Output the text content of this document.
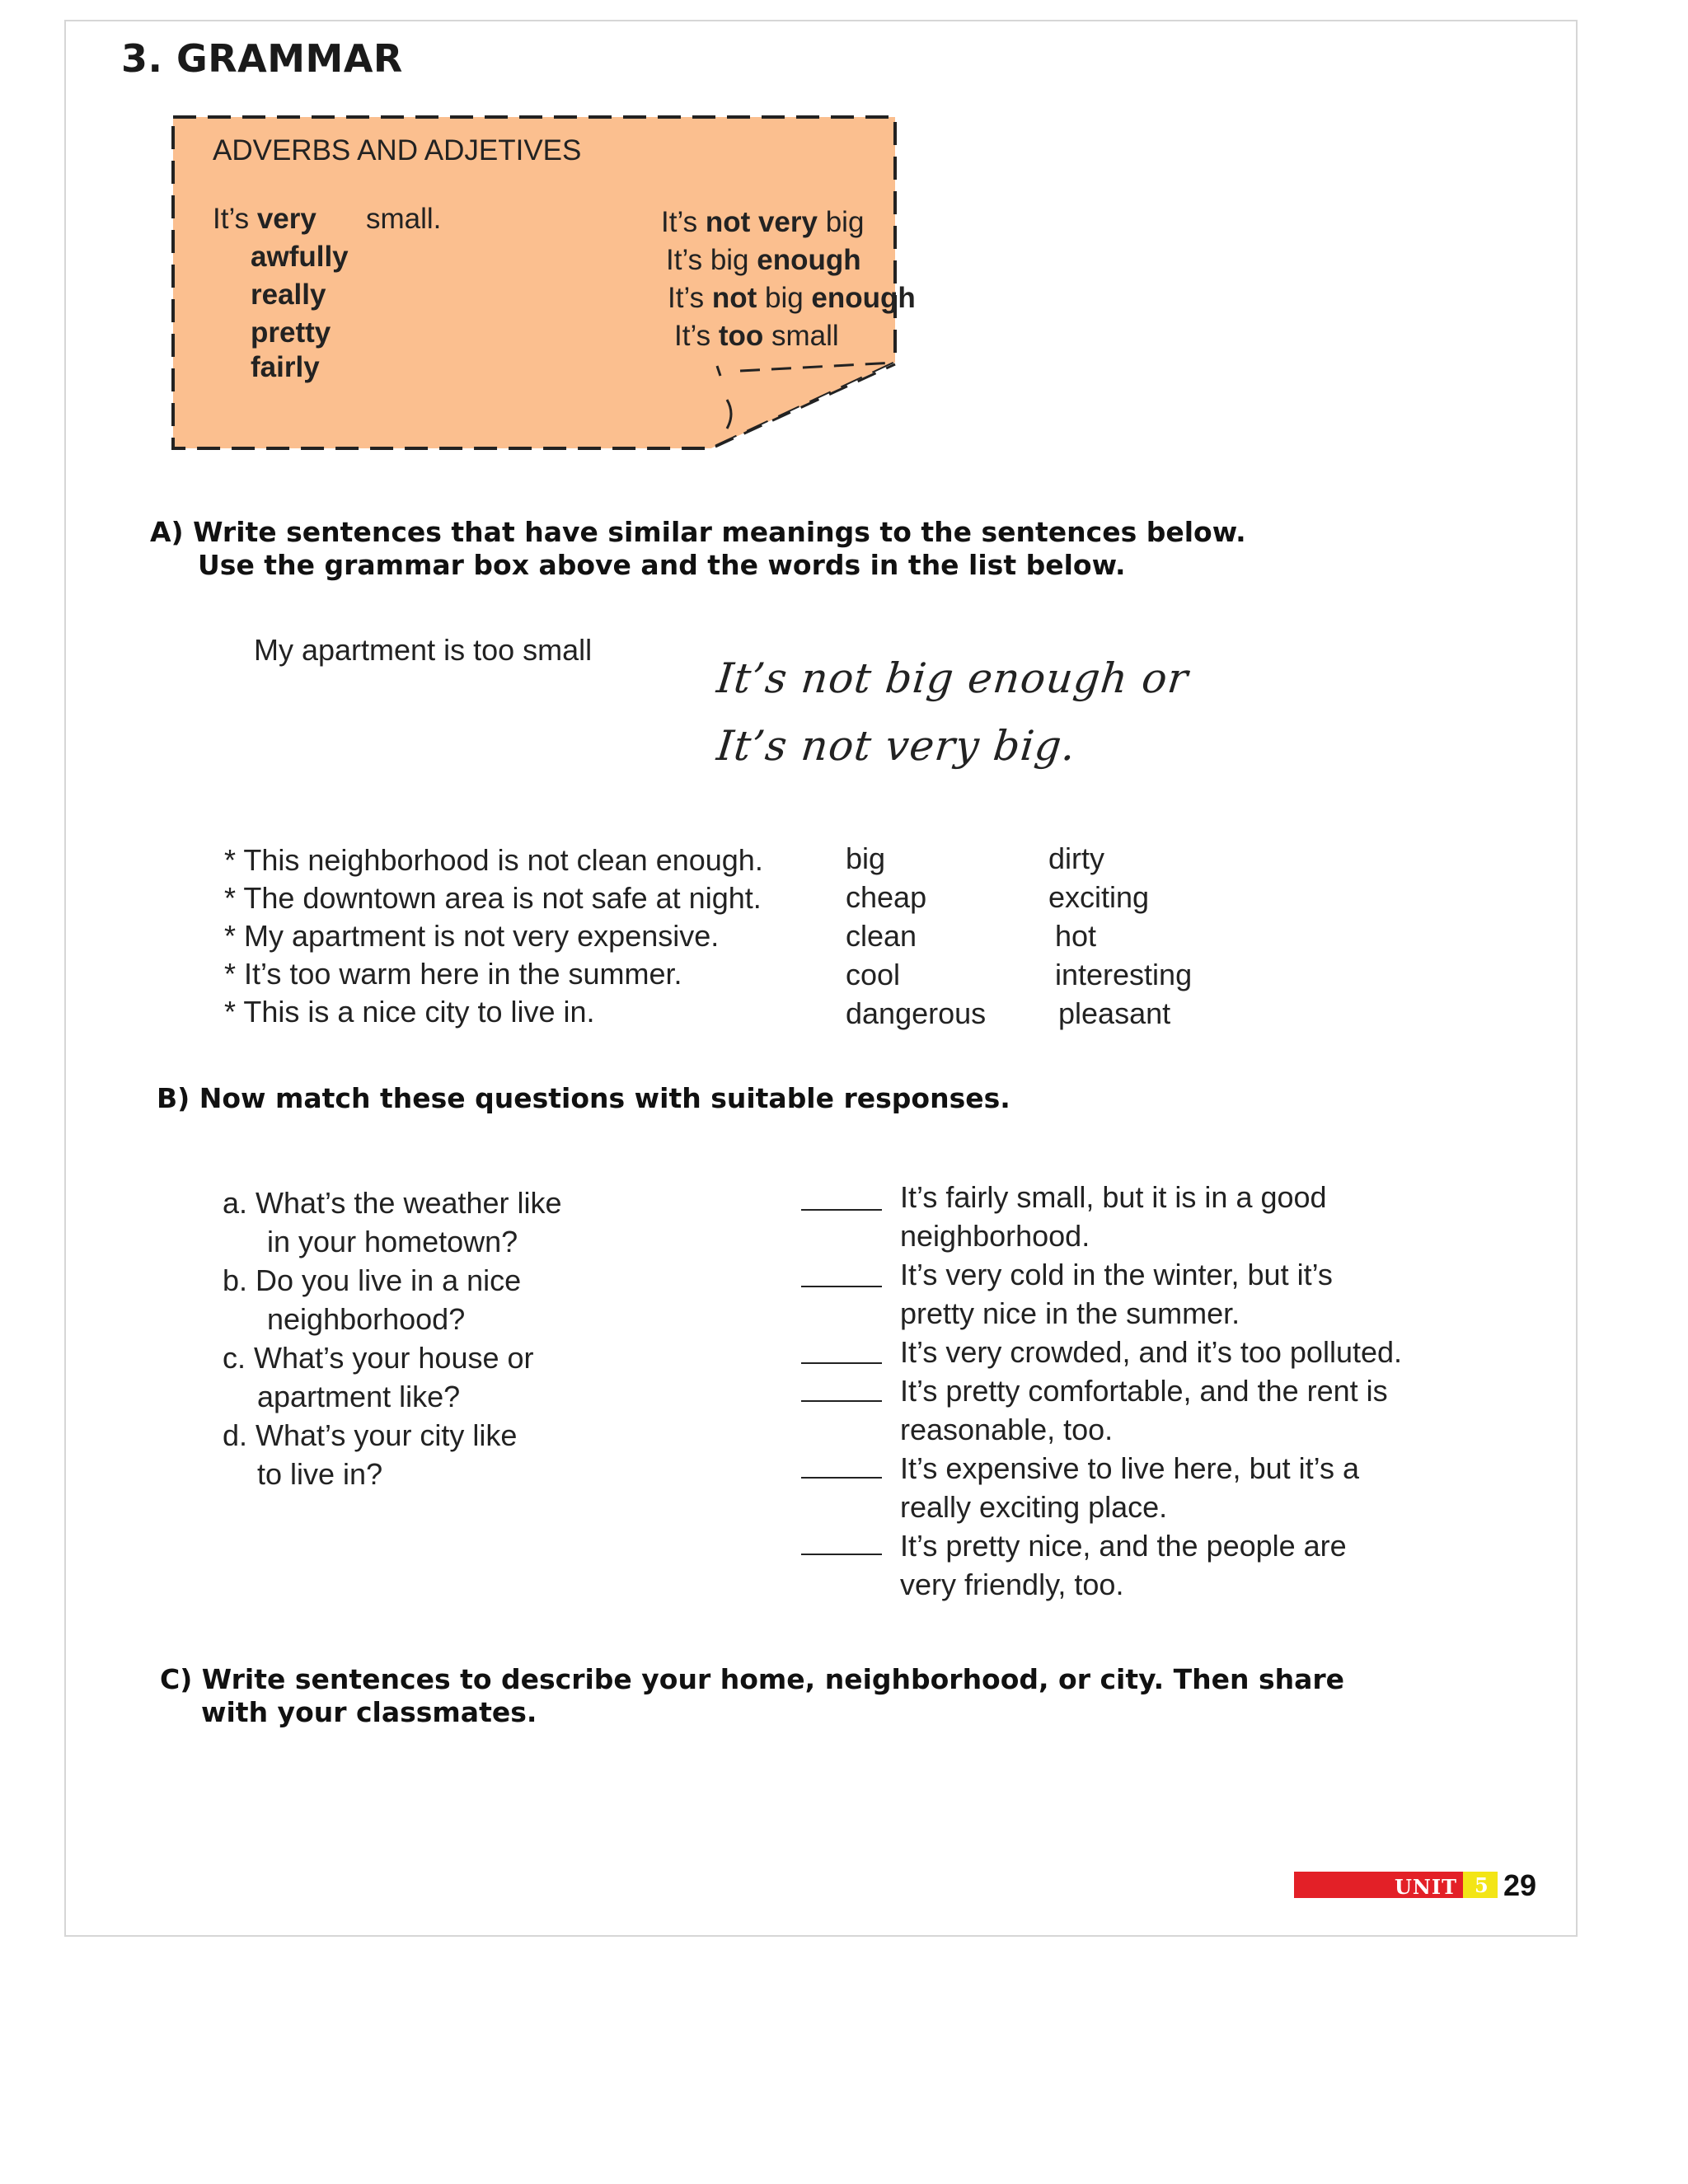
3. GRAMMAR
ADVERBS AND ADJETIVES
It’s very small.
awfully
really
pretty
fairly
It’s not very big
It’s big enough
It’s not big enough
It’s too small
A) Write sentences that have similar meanings to the sentences below.
Use the grammar box above and the words in the list below.
My apartment is too small
It’s not big enough or
It’s not very big.
* This neighborhood is not clean enough.
* The downtown area is not safe at night.
* My apartment is not very expensive.
* It’s too warm here in the summer.
* This is a nice city to live in.
big
cheap
clean
cool
dangerous
dirty
exciting
hot
interesting
pleasant
B) Now match these questions with suitable responses.
a. What’s the weather like
in your hometown?
b. Do you live in a nice
neighborhood?
c. What’s your house or
apartment like?
d. What’s your city like
to live in?
It’s fairly small, but it is in a good
neighborhood.
It’s very cold in the winter, but it’s
pretty nice in the summer.
It’s very crowded, and it’s too polluted.
It’s pretty comfortable, and the rent is
reasonable, too.
It’s expensive to live here, but it’s a
really exciting place.
It’s pretty nice, and the people are
very friendly, too.
C) Write sentences to describe your home, neighborhood, or city. Then share
with your classmates.
UNIT 5 29
